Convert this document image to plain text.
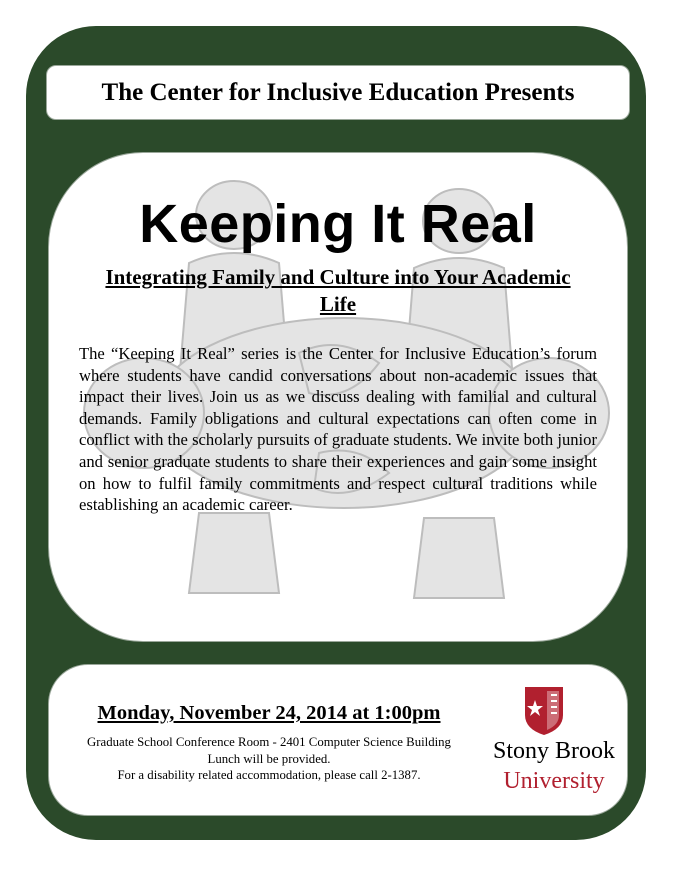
The Center for Inclusive Education Presents
Keeping It Real
Integrating Family and Culture into Your Academic Life
The “Keeping It Real” series is the Center for Inclusive Education’s forum where students have candid conversations about non-academic issues that impact their lives. Join us as we discuss dealing with familial and cultural demands. Family obligations and cultural expectations can often come in conflict with the scholarly pursuits of graduate students. We invite both junior and senior graduate students to share their experiences and gain some insight on how to fulfil family commitments and respect cultural traditions while establishing an academic career.
Monday, November 24, 2014 at 1:00pm
Graduate School Conference Room - 2401 Computer Science Building
Lunch will be provided.
For a disability related accommodation, please call 2-1387.
Stony Brook
University
